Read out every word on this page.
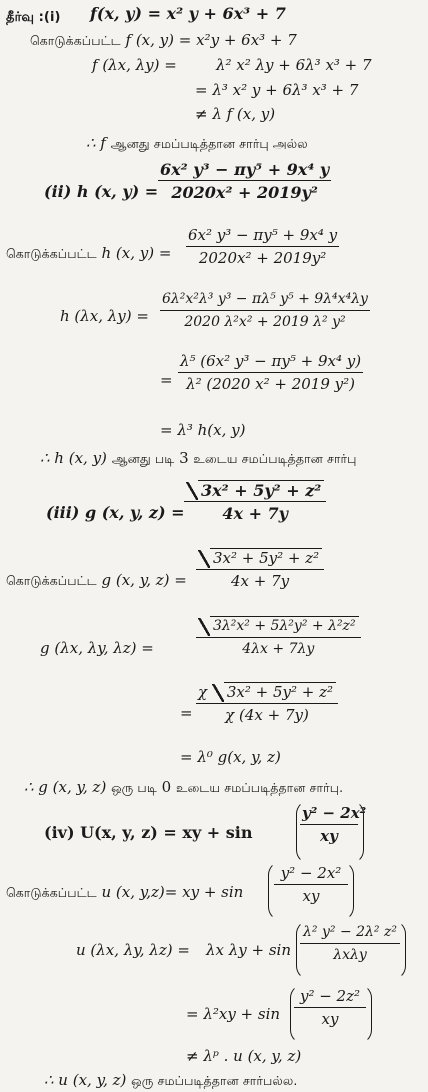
தீர்வு :(i) f(x, y) = x² y + 6x³ + 7
கொடுக்கப்பட்ட f (x, y) = x²y + 6x³ + 7
f (λx, λy) =	λ² x² λy + 6λ³ x³ + 7
= λ³ x² y + 6λ³ x³ + 7
≠ λ f (x, y)
∴ f ஆனது சமப்படித்தான சார்பு அல்ல
(ii) h (x, y) =
6x² y³ − πy⁵ + 9x⁴ y
2020x² + 2019y²
கொடுக்கப்பட்ட h (x, y) =
6x² y³ − πy⁵ + 9x⁴ y
2020x² + 2019y²
h (λx, λy) =
6λ²x²λ³ y³ − πλ⁵ y⁵ + 9λ⁴x⁴λy
2020 λ²x² + 2019 λ² y²
=
λ⁵ (6x² y³ − πy⁵ + 9x⁴ y)
λ² (2020 x² + 2019 y²)
= λ³ h(x, y)
∴ h (x, y) ஆனது படி 3 உடைய சமப்படித்தான சார்பு
(iii) g (x, y, z) =
3x² + 5y² + z²
4x + 7y
கொடுக்கப்பட்ட g (x, y, z) =
3x² + 5y² + z²
4x + 7y
g (λx, λy, λz) =
3λ²x² + 5λ²y² + λ²z²
4λx + 7λy
=
χ 3x² + 5y² + z²
χ (4x + 7y)
= λ⁰ g(x, y, z)
∴ g (x, y, z) ஒரு படி 0 உடைய சமப்படித்தான சார்பு.
(iv) U(x, y, z) = xy + sin
y² − 2x²
xy
கொடுக்கப்பட்ட u (x, y,z)= xy + sin
y² − 2x²
xy
u (λx, λy, λz) = λx λy + sin
λ² y² − 2λ² z²
λxλy
= λ²xy + sin
y² − 2z²
xy
≠ λᵖ . u (x, y, z)
∴ u (x, y, z) ஒரு சமப்படித்தான சார்பல்ல.
